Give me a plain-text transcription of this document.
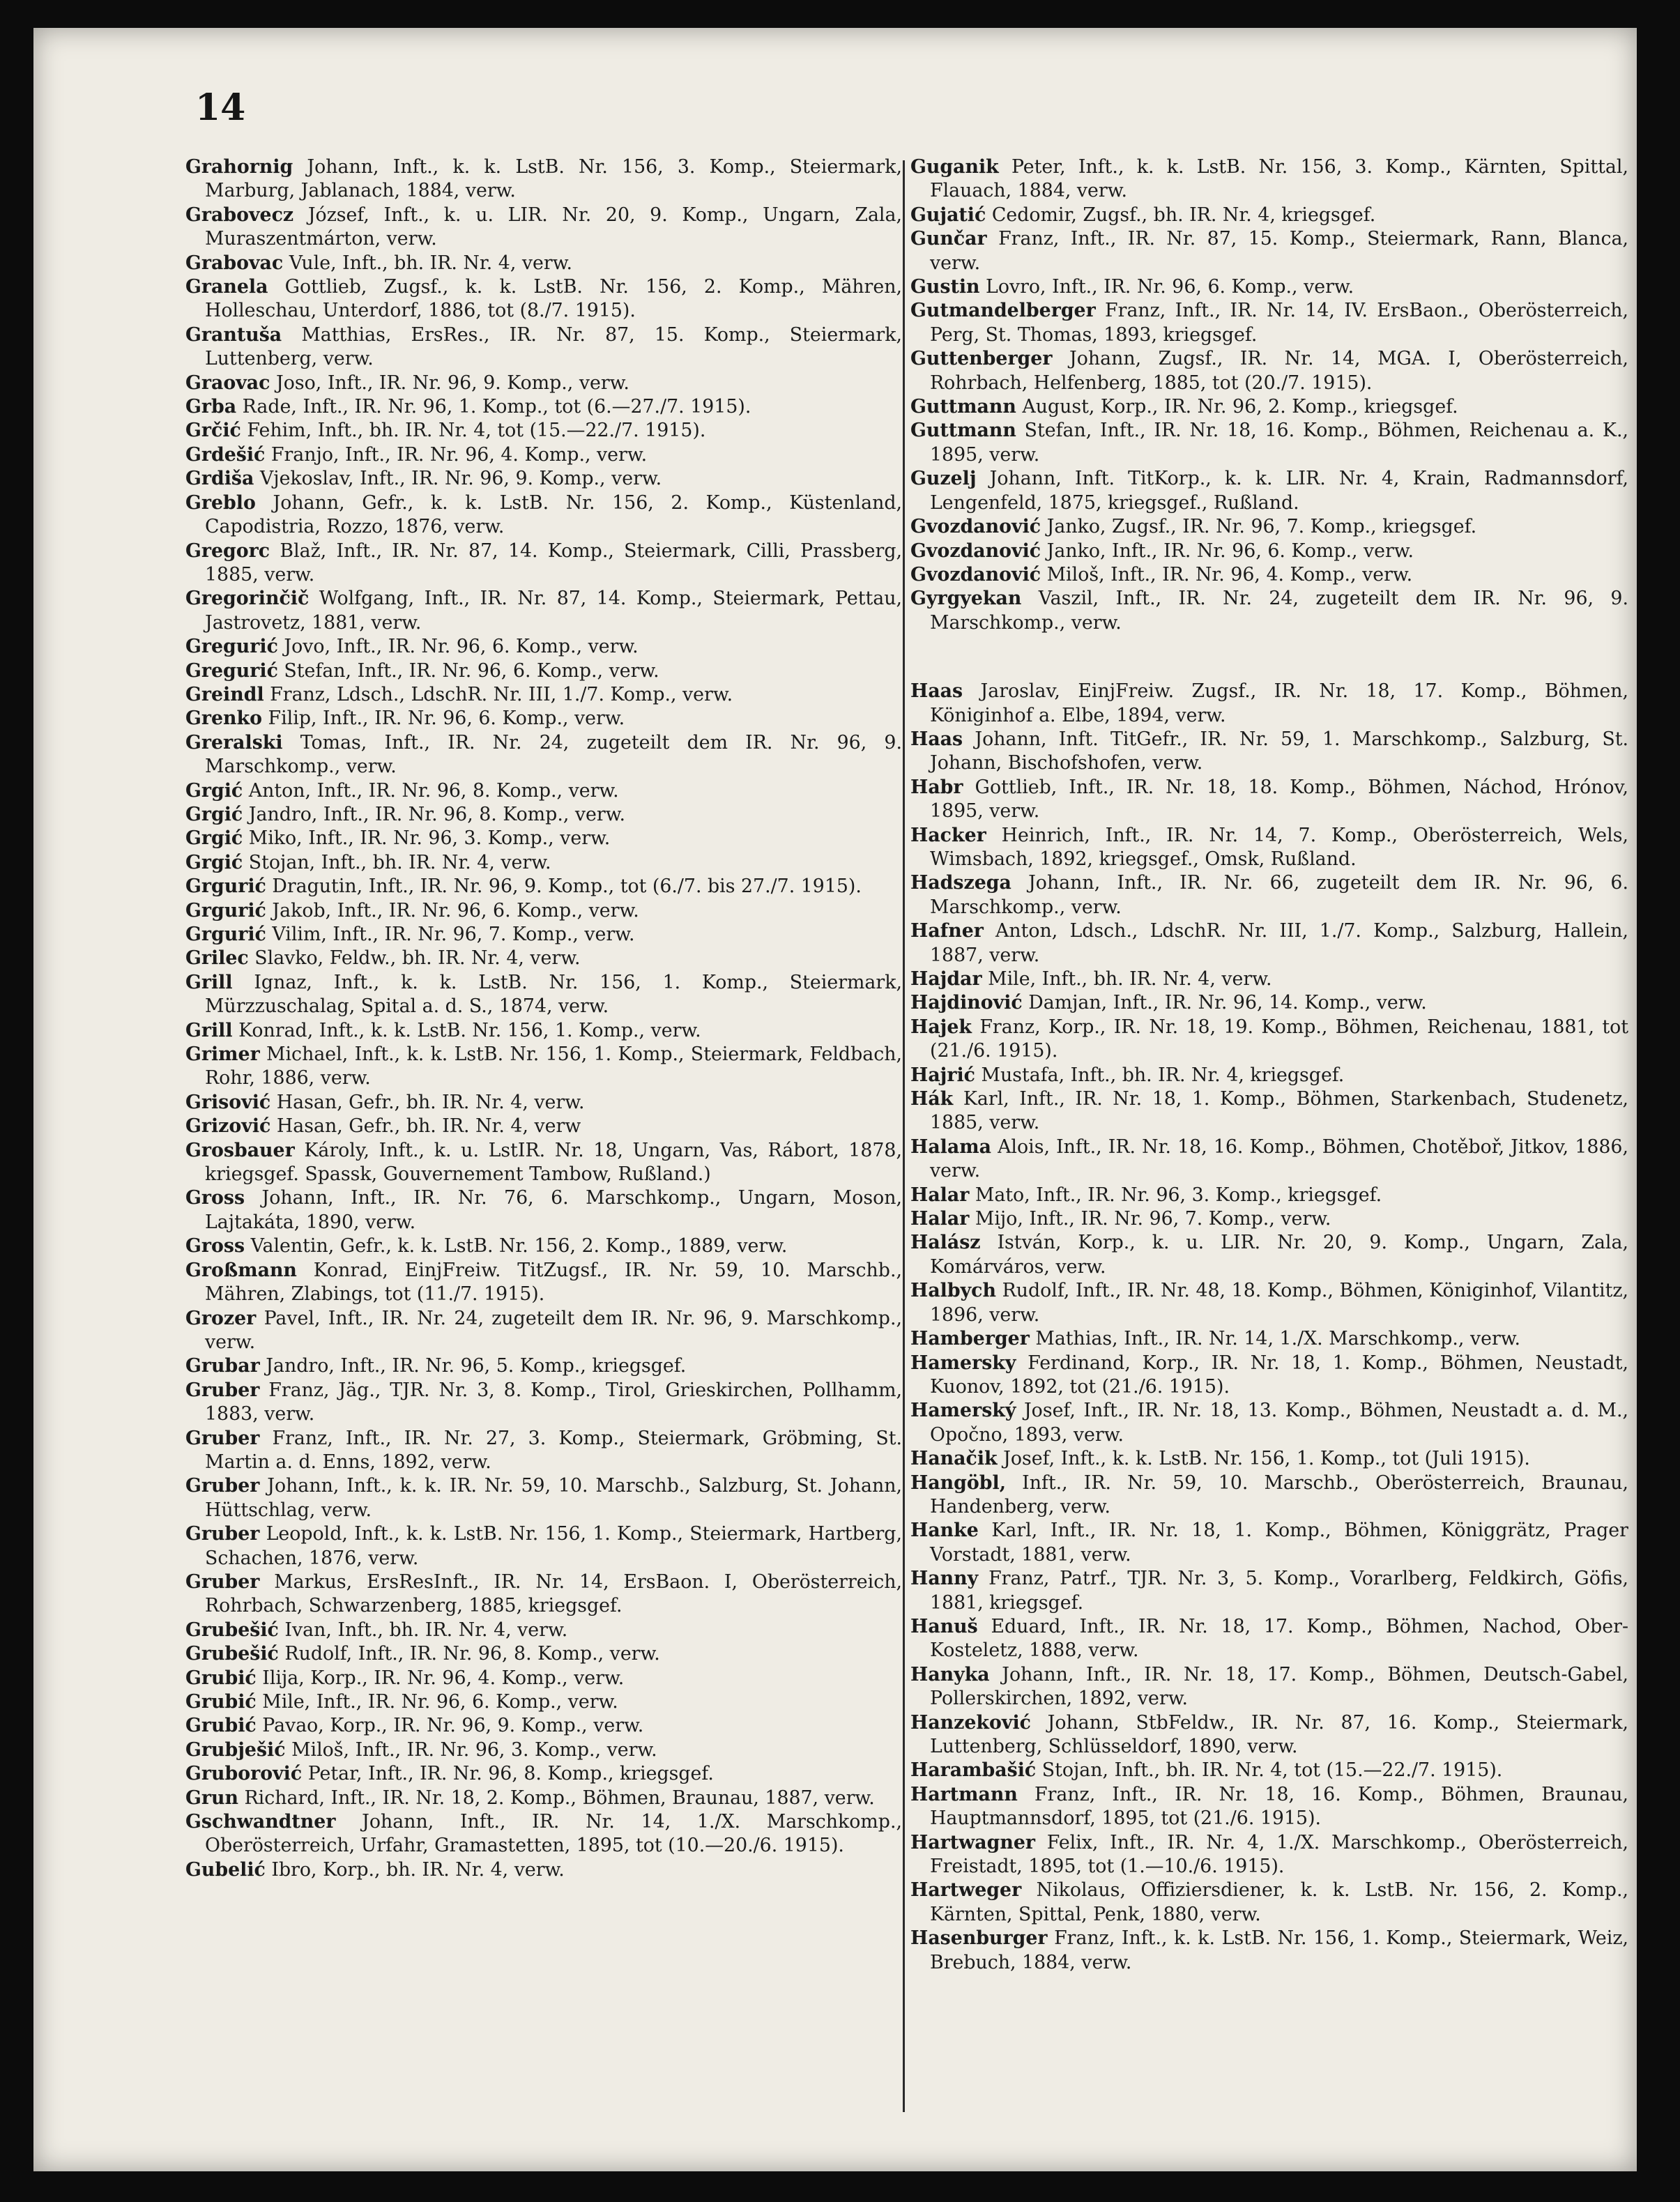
14

Grahornig Johann, Inft., k. k. LstB. Nr. 156, 3. Komp., Steiermark, Marburg, Jablanach, 1884, verw.

Grabovecz József, Inft., k. u. LIR. Nr. 20, 9. Komp., Ungarn, Zala, Muraszentmárton, verw.

Grabovac Vule, Inft., bh. IR. Nr. 4, verw.

Granela Gottlieb, Zugsf., k. k. LstB. Nr. 156, 2. Komp., Mähren, Holleschau, Unterdorf, 1886, tot (8./7. 1915).

Grantuša Matthias, ErsRes., IR. Nr. 87, 15. Komp., Steiermark, Luttenberg, verw.

Graovac Joso, Inft., IR. Nr. 96, 9. Komp., verw.

Grba Rade, Inft., IR. Nr. 96, 1. Komp., tot (6.—27./7. 1915).

Grčić Fehim, Inft., bh. IR. Nr. 4, tot (15.—22./7. 1915).

Grdešić Franjo, Inft., IR. Nr. 96, 4. Komp., verw.

Grdiša Vjekoslav, Inft., IR. Nr. 96, 9. Komp., verw.

Greblo Johann, Gefr., k. k. LstB. Nr. 156, 2. Komp., Küstenland, Capodistria, Rozzo, 1876, verw.

Gregorc Blaž, Inft., IR. Nr. 87, 14. Komp., Steiermark, Cilli, Prassberg, 1885, verw.

Gregorinčič Wolfgang, Inft., IR. Nr. 87, 14. Komp., Steiermark, Pettau, Jastrovetz, 1881, verw.

Gregurić Jovo, Inft., IR. Nr. 96, 6. Komp., verw.

Gregurić Stefan, Inft., IR. Nr. 96, 6. Komp., verw.

Greindl Franz, Ldsch., LdschR. Nr. III, 1./7. Komp., verw.

Grenko Filip, Inft., IR. Nr. 96, 6. Komp., verw.

Greralski Tomas, Inft., IR. Nr. 24, zugeteilt dem IR. Nr. 96, 9. Marschkomp., verw.

Grgić Anton, Inft., IR. Nr. 96, 8. Komp., verw.

Grgić Jandro, Inft., IR. Nr. 96, 8. Komp., verw.

Grgić Miko, Inft., IR. Nr. 96, 3. Komp., verw.

Grgić Stojan, Inft., bh. IR. Nr. 4, verw.

Grgurić Dragutin, Inft., IR. Nr. 96, 9. Komp., tot (6./7. bis 27./7. 1915).

Grgurić Jakob, Inft., IR. Nr. 96, 6. Komp., verw.

Grgurić Vilim, Inft., IR. Nr. 96, 7. Komp., verw.

Grilec Slavko, Feldw., bh. IR. Nr. 4, verw.

Grill Ignaz, Inft., k. k. LstB. Nr. 156, 1. Komp., Steiermark, Mürzzuschalag, Spital a. d. S., 1874, verw.

Grill Konrad, Inft., k. k. LstB. Nr. 156, 1. Komp., verw.

Grimer Michael, Inft., k. k. LstB. Nr. 156, 1. Komp., Steiermark, Feldbach, Rohr, 1886, verw.

Grisović Hasan, Gefr., bh. IR. Nr. 4, verw.

Grizović Hasan, Gefr., bh. IR. Nr. 4, verw

Grosbauer Károly, Inft., k. u. LstIR. Nr. 18, Ungarn, Vas, Rábort, 1878, kriegsgef. Spassk, Gouvernement Tambow, Rußland.)

Gross Johann, Inft., IR. Nr. 76, 6. Marschkomp., Ungarn, Moson, Lajtakáta, 1890, verw.

Gross Valentin, Gefr., k. k. LstB. Nr. 156, 2. Komp., 1889, verw.

Großmann Konrad, EinjFreiw. TitZugsf., IR. Nr. 59, 10. Marschb., Mähren, Zlabings, tot (11./7. 1915).

Grozer Pavel, Inft., IR. Nr. 24, zugeteilt dem IR. Nr. 96, 9. Marschkomp., verw.

Grubar Jandro, Inft., IR. Nr. 96, 5. Komp., kriegsgef.

Gruber Franz, Jäg., TJR. Nr. 3, 8. Komp., Tirol, Grieskirchen, Pollhamm, 1883, verw.

Gruber Franz, Inft., IR. Nr. 27, 3. Komp., Steiermark, Gröbming, St. Martin a. d. Enns, 1892, verw.

Gruber Johann, Inft., k. k. IR. Nr. 59, 10. Marschb., Salzburg, St. Johann, Hüttschlag, verw.

Gruber Leopold, Inft., k. k. LstB. Nr. 156, 1. Komp., Steiermark, Hartberg, Schachen, 1876, verw.

Gruber Markus, ErsResInft., IR. Nr. 14, ErsBaon. I, Oberösterreich, Rohrbach, Schwarzenberg, 1885, kriegsgef.

Grubešić Ivan, Inft., bh. IR. Nr. 4, verw.

Grubešić Rudolf, Inft., IR. Nr. 96, 8. Komp., verw.

Grubić Ilija, Korp., IR. Nr. 96, 4. Komp., verw.

Grubić Mile, Inft., IR. Nr. 96, 6. Komp., verw.

Grubić Pavao, Korp., IR. Nr. 96, 9. Komp., verw.

Grubješić Miloš, Inft., IR. Nr. 96, 3. Komp., verw.

Gruborović Petar, Inft., IR. Nr. 96, 8. Komp., kriegsgef.

Grun Richard, Inft., IR. Nr. 18, 2. Komp., Böhmen, Braunau, 1887, verw.

Gschwandtner Johann, Inft., IR. Nr. 14, 1./X. Marschkomp., Oberösterreich, Urfahr, Gramastetten, 1895, tot (10.—20./6. 1915).

Gubelić Ibro, Korp., bh. IR. Nr. 4, verw.

Guganik Peter, Inft., k. k. LstB. Nr. 156, 3. Komp., Kärnten, Spittal, Flauach, 1884, verw.

Gujatić Cedomir, Zugsf., bh. IR. Nr. 4, kriegsgef.

Gunčar Franz, Inft., IR. Nr. 87, 15. Komp., Steiermark, Rann, Blanca, verw.

Gustin Lovro, Inft., IR. Nr. 96, 6. Komp., verw.

Gutmandelberger Franz, Inft., IR. Nr. 14, IV. ErsBaon., Oberösterreich, Perg, St. Thomas, 1893, kriegsgef.

Guttenberger Johann, Zugsf., IR. Nr. 14, MGA. I, Oberösterreich, Rohrbach, Helfenberg, 1885, tot (20./7. 1915).

Guttmann August, Korp., IR. Nr. 96, 2. Komp., kriegsgef.

Guttmann Stefan, Inft., IR. Nr. 18, 16. Komp., Böhmen, Reichenau a. K., 1895, verw.

Guzelj Johann, Inft. TitKorp., k. k. LIR. Nr. 4, Krain, Radmannsdorf, Lengenfeld, 1875, kriegsgef., Rußland.

Gvozdanović Janko, Zugsf., IR. Nr. 96, 7. Komp., kriegsgef.

Gvozdanović Janko, Inft., IR. Nr. 96, 6. Komp., verw.

Gvozdanović Miloš, Inft., IR. Nr. 96, 4. Komp., verw.

Gyrgyekan Vaszil, Inft., IR. Nr. 24, zugeteilt dem IR. Nr. 96, 9. Marschkomp., verw.

Haas Jaroslav, EinjFreiw. Zugsf., IR. Nr. 18, 17. Komp., Böhmen, Königinhof a. Elbe, 1894, verw.

Haas Johann, Inft. TitGefr., IR. Nr. 59, 1. Marschkomp., Salzburg, St. Johann, Bischofshofen, verw.

Habr Gottlieb, Inft., IR. Nr. 18, 18. Komp., Böhmen, Náchod, Hrónov, 1895, verw.

Hacker Heinrich, Inft., IR. Nr. 14, 7. Komp., Oberösterreich, Wels, Wimsbach, 1892, kriegsgef., Omsk, Rußland.

Hadszega Johann, Inft., IR. Nr. 66, zugeteilt dem IR. Nr. 96, 6. Marschkomp., verw.

Hafner Anton, Ldsch., LdschR. Nr. III, 1./7. Komp., Salzburg, Hallein, 1887, verw.

Hajdar Mile, Inft., bh. IR. Nr. 4, verw.

Hajdinović Damjan, Inft., IR. Nr. 96, 14. Komp., verw.

Hajek Franz, Korp., IR. Nr. 18, 19. Komp., Böhmen, Reichenau, 1881, tot (21./6. 1915).

Hajrić Mustafa, Inft., bh. IR. Nr. 4, kriegsgef.

Hák Karl, Inft., IR. Nr. 18, 1. Komp., Böhmen, Starkenbach, Studenetz, 1885, verw.

Halama Alois, Inft., IR. Nr. 18, 16. Komp., Böhmen, Chotěboř, Jitkov, 1886, verw.

Halar Mato, Inft., IR. Nr. 96, 3. Komp., kriegsgef.

Halar Mijo, Inft., IR. Nr. 96, 7. Komp., verw.

Halász István, Korp., k. u. LIR. Nr. 20, 9. Komp., Ungarn, Zala, Komárváros, verw.

Halbych Rudolf, Inft., IR. Nr. 48, 18. Komp., Böhmen, Königinhof, Vilantitz, 1896, verw.

Hamberger Mathias, Inft., IR. Nr. 14, 1./X. Marschkomp., verw.

Hamersky Ferdinand, Korp., IR. Nr. 18, 1. Komp., Böhmen, Neustadt, Kuonov, 1892, tot (21./6. 1915).

Hamerský Josef, Inft., IR. Nr. 18, 13. Komp., Böhmen, Neustadt a. d. M., Opočno, 1893, verw.

Hanačik Josef, Inft., k. k. LstB. Nr. 156, 1. Komp., tot (Juli 1915).

Hangöbl, Inft., IR. Nr. 59, 10. Marschb., Oberösterreich, Braunau, Handenberg, verw.

Hanke Karl, Inft., IR. Nr. 18, 1. Komp., Böhmen, Königgrätz, Prager Vorstadt, 1881, verw.

Hanny Franz, Patrf., TJR. Nr. 3, 5. Komp., Vorarlberg, Feldkirch, Göfis, 1881, kriegsgef.

Hanuš Eduard, Inft., IR. Nr. 18, 17. Komp., Böhmen, Nachod, Ober-Kosteletz, 1888, verw.

Hanyka Johann, Inft., IR. Nr. 18, 17. Komp., Böhmen, Deutsch-Gabel, Pollerskirchen, 1892, verw.

Hanzeković Johann, StbFeldw., IR. Nr. 87, 16. Komp., Steiermark, Luttenberg, Schlüsseldorf, 1890, verw.

Harambašić Stojan, Inft., bh. IR. Nr. 4, tot (15.—22./7. 1915).

Hartmann Franz, Inft., IR. Nr. 18, 16. Komp., Böhmen, Braunau, Hauptmannsdorf, 1895, tot (21./6. 1915).

Hartwagner Felix, Inft., IR. Nr. 4, 1./X. Marschkomp., Oberösterreich, Freistadt, 1895, tot (1.—10./6. 1915).

Hartweger Nikolaus, Offiziersdiener, k. k. LstB. Nr. 156, 2. Komp., Kärnten, Spittal, Penk, 1880, verw.

Hasenburger Franz, Inft., k. k. LstB. Nr. 156, 1. Komp., Steiermark, Weiz, Brebuch, 1884, verw.
